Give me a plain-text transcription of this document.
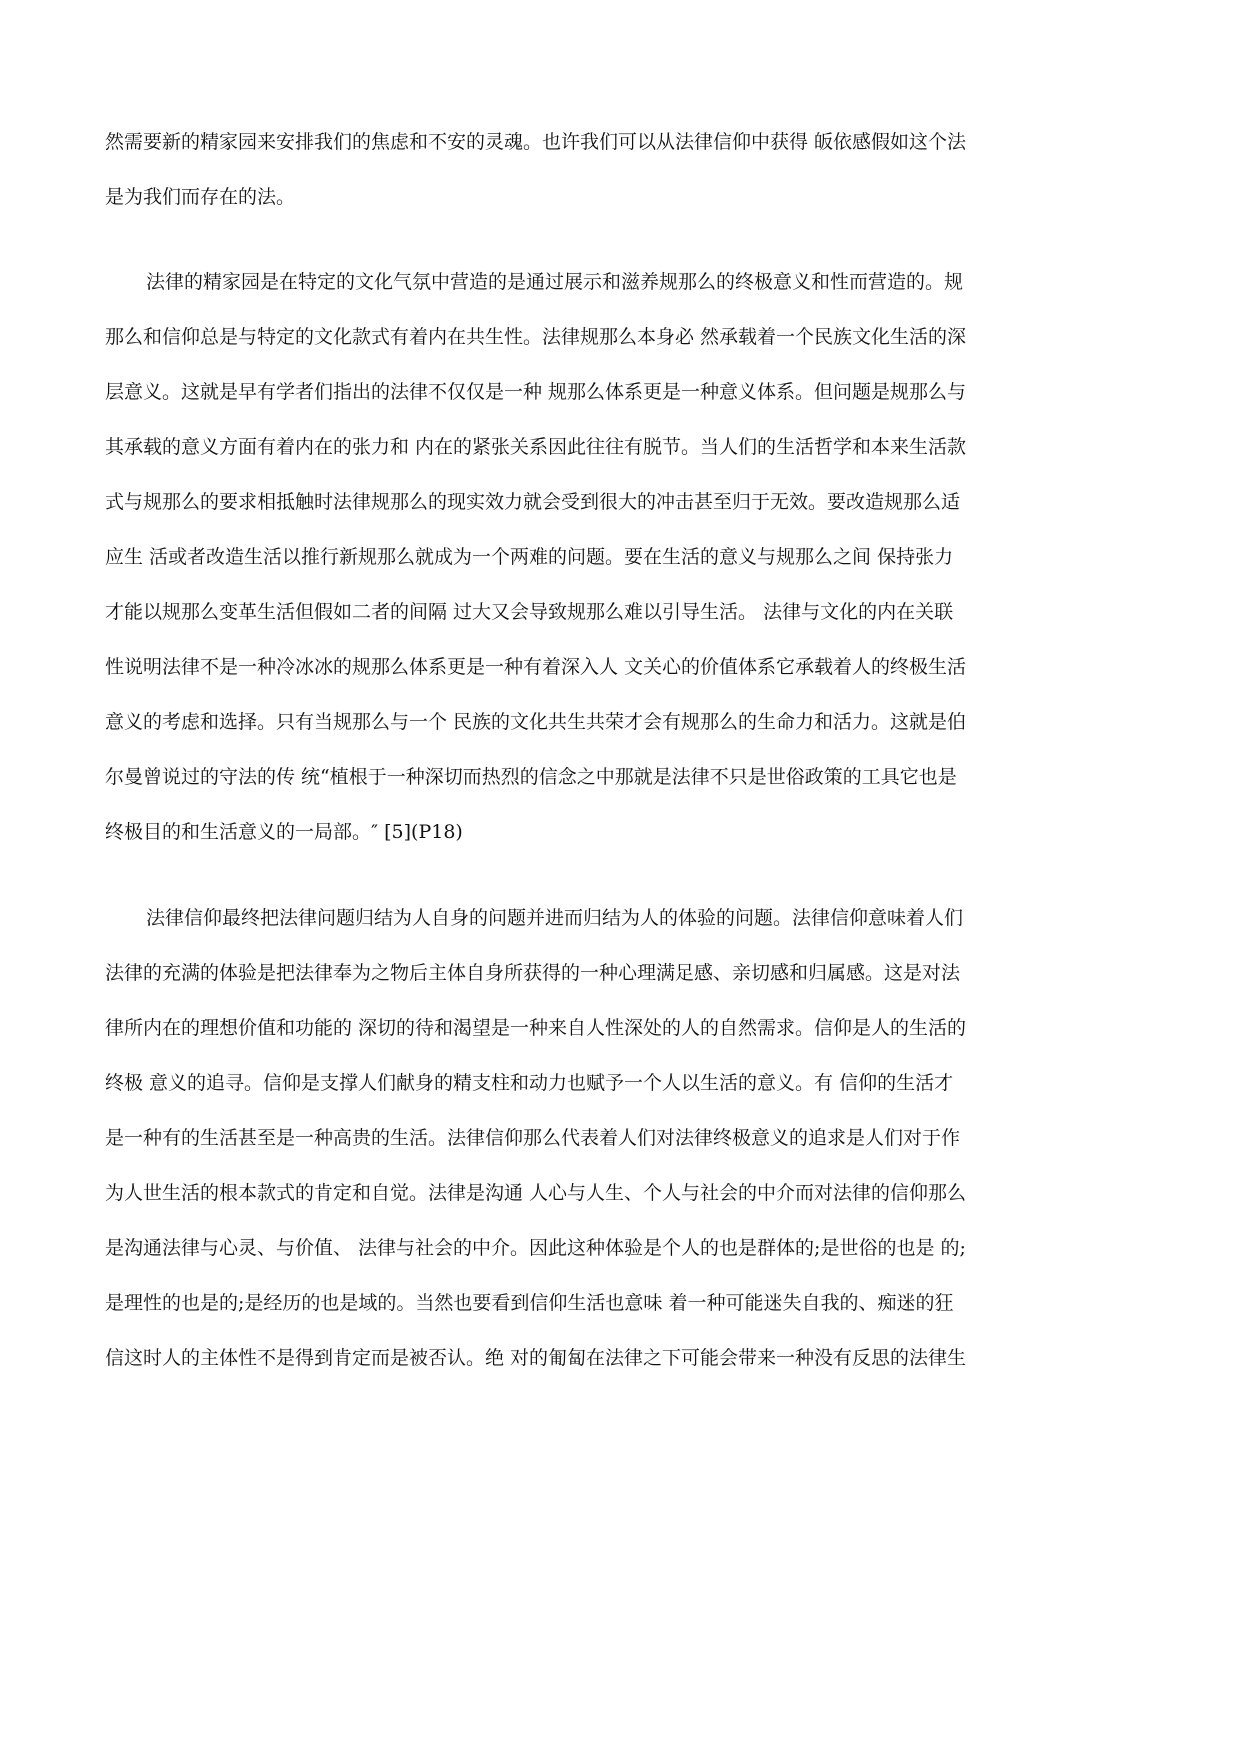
然需要新的精家园来安排我们的焦虑和不安的灵魂。也许我们可以从法律信仰中获得 皈依感假如这个法

是为我们而存在的法。

法律的精家园是在特定的文化气氛中营造的是通过展示和滋养规那么的终极意义和性而营造的。规

那么和信仰总是与特定的文化款式有着内在共生性。法律规那么本身必 然承载着一个民族文化生活的深

层意义。这就是早有学者们指出的法律不仅仅是一种 规那么体系更是一种意义体系。但问题是规那么与

其承载的意义方面有着内在的张力和 内在的紧张关系因此往往有脱节。当人们的生活哲学和本来生活款

式与规那么的要求相抵触时法律规那么的现实效力就会受到很大的冲击甚至归于无效。要改造规那么适

应生 活或者改造生活以推行新规那么就成为一个两难的问题。要在生活的意义与规那么之间 保持张力

才能以规那么变革生活但假如二者的间隔 过大又会导致规那么难以引导生活。 法律与文化的内在关联

性说明法律不是一种冷冰冰的规那么体系更是一种有着深入人 文关心的价值体系它承载着人的终极生活

意义的考虑和选择。只有当规那么与一个 民族的文化共生共荣才会有规那么的生命力和活力。这就是伯

尔曼曾说过的守法的传 统“植根于一种深切而热烈的信念之中那就是法律不只是世俗政策的工具它也是

终极目的和生活意义的一局部。″ [5](P18)

法律信仰最终把法律问题归结为人自身的问题并进而归结为人的体验的问题。法律信仰意味着人们

法律的充满的体验是把法律奉为之物后主体自身所获得的一种心理满足感、亲切感和归属感。这是对法

律所内在的理想价值和功能的 深切的待和渴望是一种来自人性深处的人的自然需求。信仰是人的生活的

终极 意义的追寻。信仰是支撑人们献身的精支柱和动力也赋予一个人以生活的意义。有 信仰的生活才

是一种有的生活甚至是一种高贵的生活。法律信仰那么代表着人们对法律终极意义的追求是人们对于作

为人世生活的根本款式的肯定和自觉。法律是沟通 人心与人生、个人与社会的中介而对法律的信仰那么

是沟通法律与心灵、与价值、 法律与社会的中介。因此这种体验是个人的也是群体的;是世俗的也是 的;

是理性的也是的;是经历的也是域的。当然也要看到信仰生活也意味 着一种可能迷失自我的、痴迷的狂

信这时人的主体性不是得到肯定而是被否认。绝 对的匍匐在法律之下可能会带来一种没有反思的法律生
